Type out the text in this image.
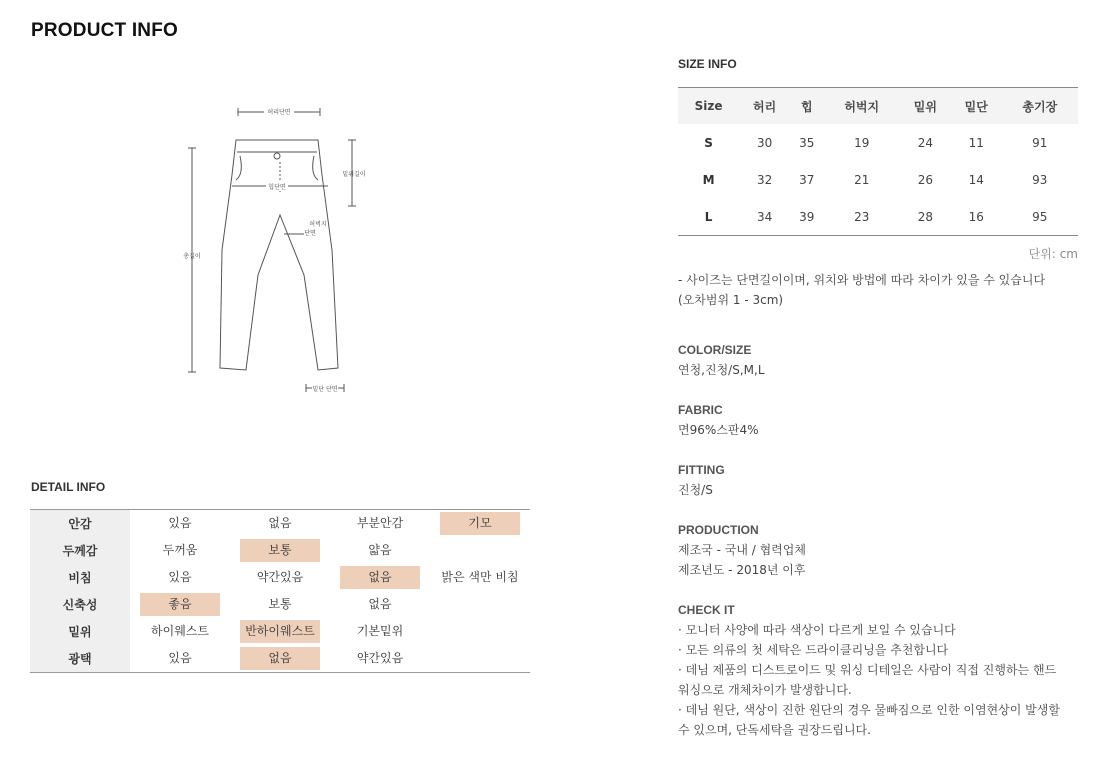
PRODUCT INFO
허리단면
힙단면
밑위길이
허벅지
단면
총길이
밑단 단면
DETAIL INFO
안감	있음	없음	부분안감	기모
두께감	두꺼움	보통	얇음	
비침	있음	약간있음	없음	밝은 색만 비침
신축성	좋음	보통	없음	
밑위	하이웨스트	반하이웨스트	기본밑위	
광택	있음	없음	약간있음	
SIZE INFO
Size	허리	힙	허벅지	밑위	밑단	총기장
S	30	35	19	24	11	91
M	32	37	21	26	14	93
L	34	39	23	28	16	95
단위: cm
- 사이즈는 단면길이이며, 위치와 방법에 따라 차이가 있을 수 있습니다
(오차범위 1 - 3cm)
COLOR/SIZE
연청,진청/S,M,L
FABRIC
면96%스판4%
FITTING
진청/S
PRODUCTION
제조국 - 국내 / 협력업체
제조년도 - 2018년 이후
CHECK IT
· 모니터 사양에 따라 색상이 다르게 보일 수 있습니다
· 모든 의류의 첫 세탁은 드라이클리닝을 추천합니다
· 데님 제품의 디스트로이드 및 워싱 디테일은 사람이 직접 진행하는 핸드
워싱으로 개체차이가 발생합니다.
· 데님 원단, 색상이 진한 원단의 경우 물빠짐으로 인한 이염현상이 발생할
수 있으며, 단독세탁을 권장드립니다.
